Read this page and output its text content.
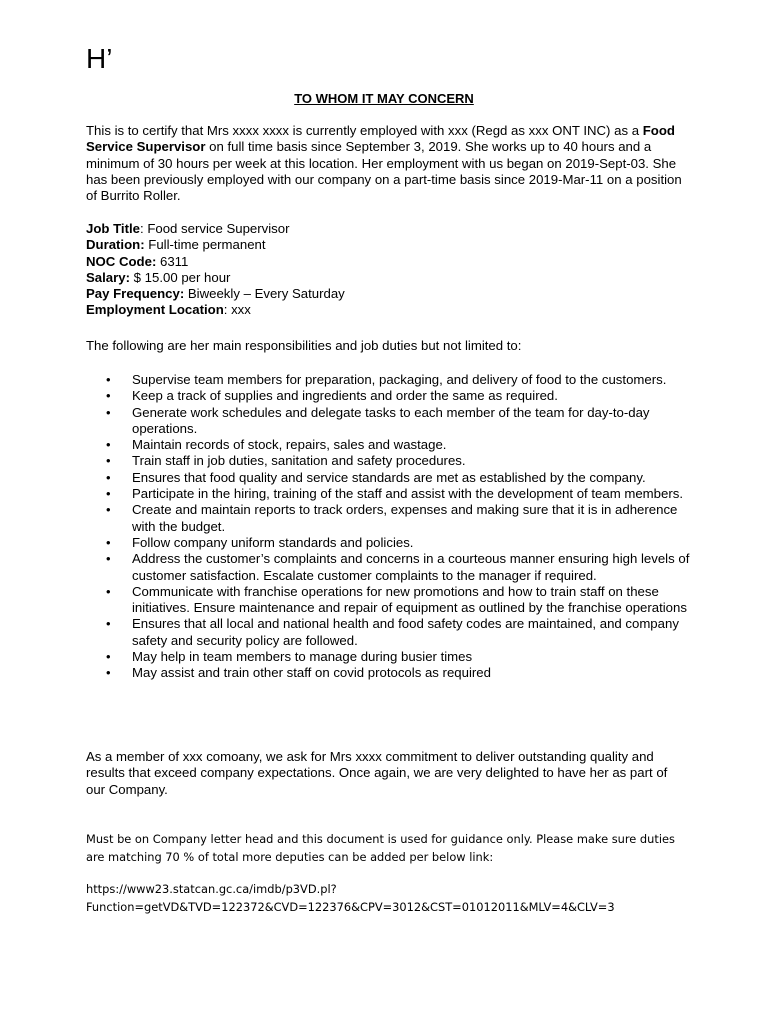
H’
TO WHOM IT MAY CONCERN
This is to certify that Mrs xxxx xxxx is currently employed with xxx (Regd as xxx ONT INC) as a Food Service Supervisor on full time basis since September 3, 2019. She works up to 40 hours and a minimum of 30 hours per week at this location. Her employment with us began on 2019-Sept-03. She has been previously employed with our company on a part-time basis since 2019-Mar-11 on a position of Burrito Roller.
Job Title: Food service Supervisor
Duration: Full-time permanent
NOC Code: 6311
Salary: $ 15.00 per hour
Pay Frequency: Biweekly – Every Saturday
Employment Location: xxx
The following are her main responsibilities and job duties but not limited to:
• Supervise team members for preparation, packaging, and delivery of food to the customers.
• Keep a track of supplies and ingredients and order the same as required.
• Generate work schedules and delegate tasks to each member of the team for day-to-day operations.
• Maintain records of stock, repairs, sales and wastage.
• Train staff in job duties, sanitation and safety procedures.
• Ensures that food quality and service standards are met as established by the company.
• Participate in the hiring, training of the staff and assist with the development of team members.
• Create and maintain reports to track orders, expenses and making sure that it is in adherence with the budget.
• Follow company uniform standards and policies.
• Address the customer’s complaints and concerns in a courteous manner ensuring high levels of customer satisfaction. Escalate customer complaints to the manager if required.
• Communicate with franchise operations for new promotions and how to train staff on these initiatives. Ensure maintenance and repair of equipment as outlined by the franchise operations
• Ensures that all local and national health and food safety codes are maintained, and company safety and security policy are followed.
• May help in team members to manage during busier times
• May assist and train other staff on covid protocols as required
As a member of xxx comoany, we ask for Mrs xxxx commitment to deliver outstanding quality and results that exceed company expectations. Once again, we are very delighted to have her as part of our Company.
Must be on Company letter head and this document is used for guidance only. Please make sure duties are matching 70 % of total more deputies can be added per below link:
https://www23.statcan.gc.ca/imdb/p3VD.pl?
Function=getVD&TVD=122372&CVD=122376&CPV=3012&CST=01012011&MLV=4&CLV=3
